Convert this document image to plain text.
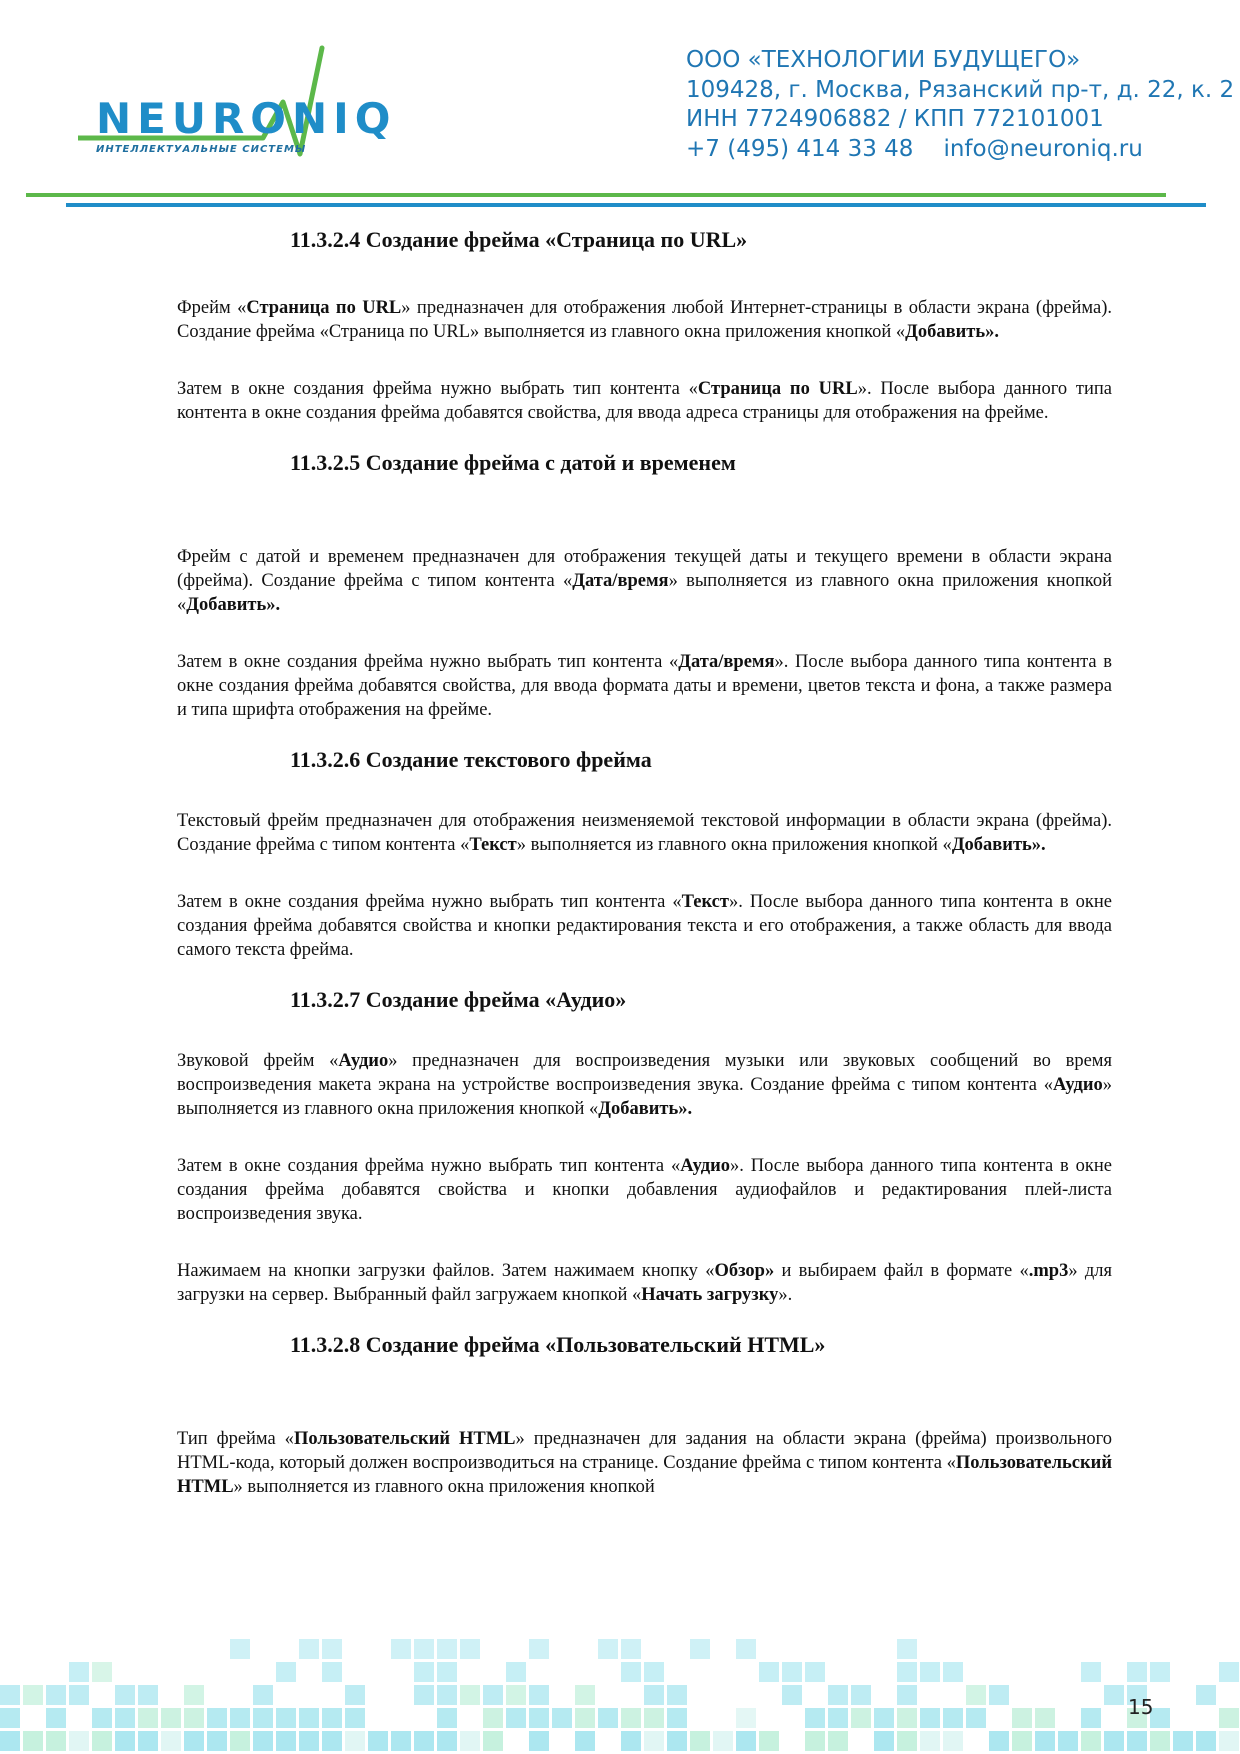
NEURONIQ
ИНТЕЛЛЕКТУАЛЬНЫЕ СИСТЕМЫ
ООО «ТЕХНОЛОГИИ БУДУЩЕГО»
109428, г. Москва, Рязанский пр-т, д. 22, к. 2
ИНН 7724906882 / КПП 772101001
+7 (495) 414 33 48 info@neuroniq.ru
11.3.2.4 Создание фрейма «Страница по URL»

Фрейм «Страница по URL» предназначен для отображения любой Интернет-страницы в области экрана (фрейма). Создание фрейма «Страница по URL» выполняется из главного окна приложения кнопкой «Добавить».

Затем в окне создания фрейма нужно выбрать тип контента «Страница по URL». После выбора данного типа контента в окне создания фрейма добавятся свойства, для ввода адреса страницы для отображения на фрейме.

11.3.2.5 Создание фрейма с датой и временем

Фрейм с датой и временем предназначен для отображения текущей даты и текущего времени в области экрана (фрейма). Создание фрейма с типом контента «Дата/время» выполняется из главного окна приложения кнопкой «Добавить».

Затем в окне создания фрейма нужно выбрать тип контента «Дата/время». После выбора данного типа контента в окне создания фрейма добавятся свойства, для ввода формата даты и времени, цветов текста и фона, а также размера и типа шрифта отображения на фрейме.

11.3.2.6 Создание текстового фрейма

Текстовый фрейм предназначен для отображения неизменяемой текстовой информации в области экрана (фрейма). Создание фрейма с типом контента «Текст» выполняется из главного окна приложения кнопкой «Добавить».

Затем в окне создания фрейма нужно выбрать тип контента «Текст». После выбора данного типа контента в окне создания фрейма добавятся свойства и кнопки редактирования текста и его отображения, а также область для ввода самого текста фрейма.

11.3.2.7 Создание фрейма «Аудио»

Звуковой фрейм «Аудио» предназначен для воспроизведения музыки или звуковых сообщений во время воспроизведения макета экрана на устройстве воспроизведения звука. Создание фрейма с типом контента «Аудио» выполняется из главного окна приложения кнопкой «Добавить».

Затем в окне создания фрейма нужно выбрать тип контента «Аудио». После выбора данного типа контента в окне создания фрейма добавятся свойства и кнопки добавления аудиофайлов и редактирования плей-листа воспроизведения звука.

Нажимаем на кнопки загрузки файлов. Затем нажимаем кнопку «Обзор» и выбираем файл в формате «.mp3» для загрузки на сервер. Выбранный файл загружаем кнопкой «Начать загрузку».

11.3.2.8 Создание фрейма «Пользовательский HTML»

Тип фрейма «Пользовательский HTML» предназначен для задания на области экрана (фрейма) произвольного HTML-кода, который должен воспроизводиться на странице. Создание фрейма с типом контента «Пользовательский HTML» выполняется из главного окна приложения кнопкой

15
